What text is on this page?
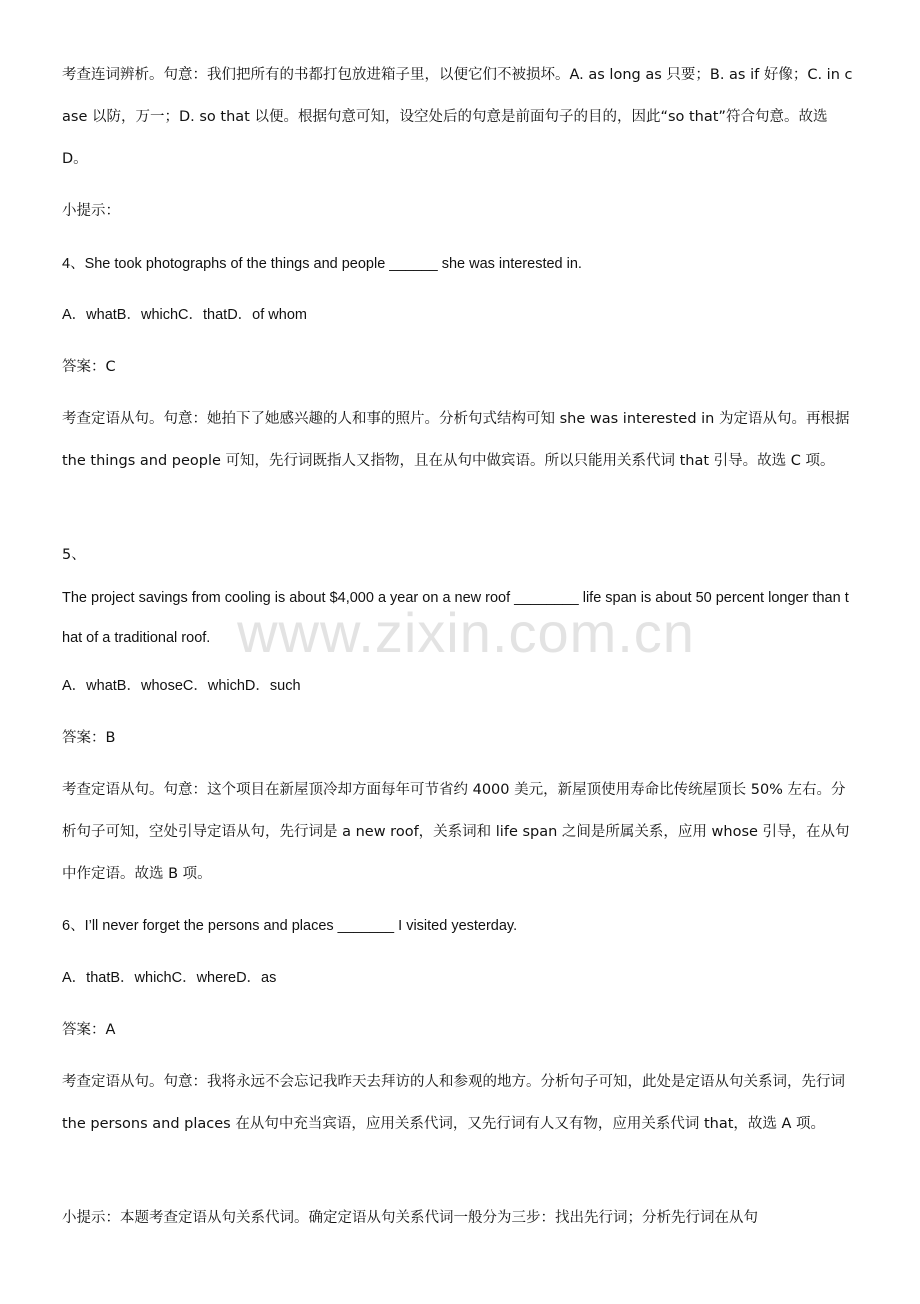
考查连词辨析。句意：我们把所有的书都打包放进箱子里，以便它们不被损坏。A. as long as 只要；B. as if 好像；C. in case 以防，万一；D. so that 以便。根据句意可知，设空处后的句意是前面句子的目的，因此“so that”符合句意。故选 D。

小提示：

4、She took photographs of the things and people ______ she was interested in.

A．whatB．whichC．thatD．of whom

答案：C

考查定语从句。句意：她拍下了她感兴趣的人和事的照片。分析句式结构可知 she was interested in 为定语从句。再根据 the things and people 可知，先行词既指人又指物，且在从句中做宾语。所以只能用关系代词 that 引导。故选 C 项。

5、

The project savings from cooling is about $4,000 a year on a new roof ________ life span is about 50 percent longer than that of a traditional roof.

A．whatB．whoseC．whichD．such

答案：B

考查定语从句。句意：这个项目在新屋顶冷却方面每年可节省约 4000 美元，新屋顶使用寿命比传统屋顶长 50% 左右。分析句子可知，空处引导定语从句，先行词是 a new roof，关系词和 life span 之间是所属关系，应用 whose 引导，在从句中作定语。故选 B 项。

6、I’ll never forget the persons and places _______ I visited yesterday.

A．thatB．whichC．whereD．as

答案：A

考查定语从句。句意：我将永远不会忘记我昨天去拜访的人和参观的地方。分析句子可知，此处是定语从句关系词，先行词 the persons and places 在从句中充当宾语，应用关系代词，又先行词有人又有物，应用关系代词 that，故选 A 项。

小提示：本题考查定语从句关系代词。确定定语从句关系代词一般分为三步：找出先行词；分析先行词在从句

www.zixin.com.cn
